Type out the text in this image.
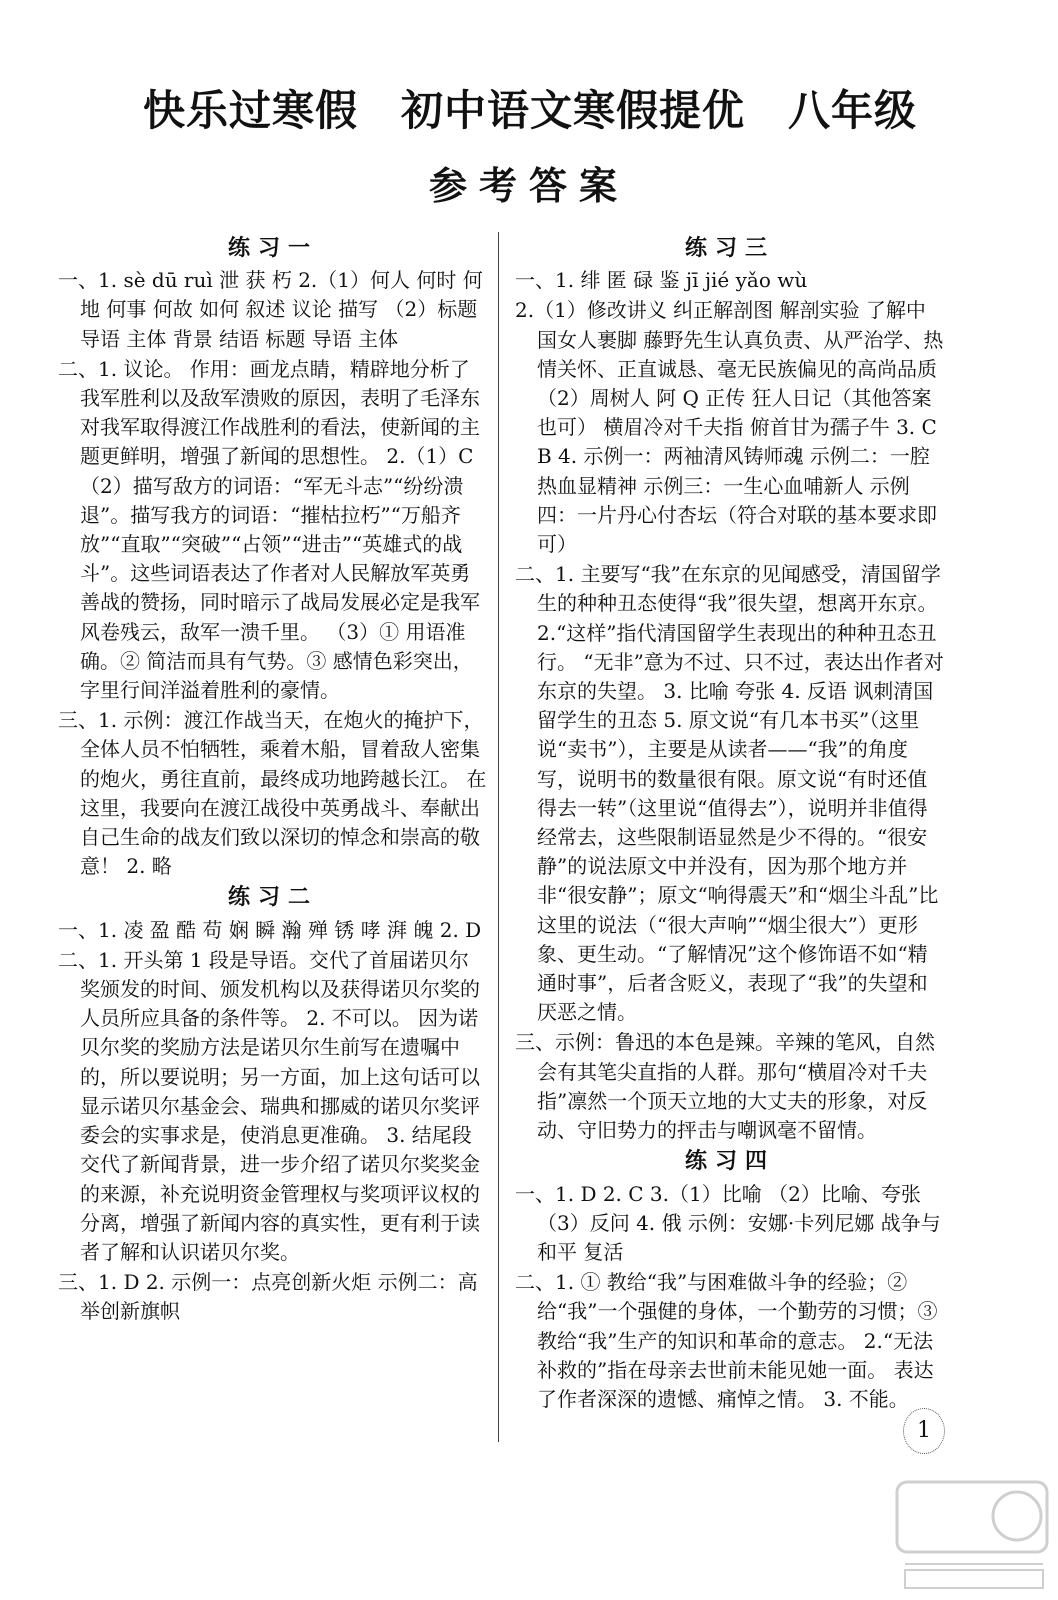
快乐过寒假　初中语文寒假提优　八年级
参考答案
练习一

一、1. sè dū ruì 泄 获 朽 2.（1）何人 何时 何地 何事 何故 如何 叙述 议论 描写 （2）标题 导语 主体 背景 结语 标题 导语 主体

二、1. 议论。 作用：画龙点睛，精辟地分析了我军胜利以及敌军溃败的原因，表明了毛泽东对我军取得渡江作战胜利的看法，使新闻的主题更鲜明，增强了新闻的思想性。 2.（1）C （2）描写敌方的词语：“军无斗志”“纷纷溃退”。描写我方的词语：“摧枯拉朽”“万船齐放”“直取”“突破”“占领”“进击”“英雄式的战斗”。这些词语表达了作者对人民解放军英勇善战的赞扬，同时暗示了战局发展必定是我军风卷残云，敌军一溃千里。 （3）① 用语准确。② 简洁而具有气势。③ 感情色彩突出，字里行间洋溢着胜利的豪情。

三、1. 示例：渡江作战当天，在炮火的掩护下，全体人员不怕牺牲，乘着木船，冒着敌人密集的炮火，勇往直前，最终成功地跨越长江。 在这里，我要向在渡江战役中英勇战斗、奉献出自己生命的战友们致以深切的悼念和崇高的敬意！ 2. 略

练习二

一、1. 凌 盈 酷 苟 娴 瞬 瀚 殚 锈 哮 湃 魄 2. D

二、1. 开头第 1 段是导语。交代了首届诺贝尔奖颁发的时间、颁发机构以及获得诺贝尔奖的人员所应具备的条件等。 2. 不可以。 因为诺贝尔奖的奖励方法是诺贝尔生前写在遗嘱中的，所以要说明；另一方面，加上这句话可以显示诺贝尔基金会、瑞典和挪威的诺贝尔奖评委会的实事求是，使消息更准确。 3. 结尾段交代了新闻背景，进一步介绍了诺贝尔奖奖金的来源，补充说明资金管理权与奖项评议权的分离，增强了新闻内容的真实性，更有利于读者了解和认识诺贝尔奖。

三、1. D 2. 示例一：点亮创新火炬 示例二：高举创新旗帜

练习三

一、1. 绯 匿 碌 鉴 jī jié yǎo wù

2.（1）修改讲义 纠正解剖图 解剖实验 了解中国女人裹脚 藤野先生认真负责、从严治学、热情关怀、正直诚恳、毫无民族偏见的高尚品质 （2）周树人 阿 Q 正传 狂人日记（其他答案也可） 横眉冷对千夫指 俯首甘为孺子牛 3. C B 4. 示例一：两袖清风铸师魂 示例二：一腔热血显精神 示例三：一生心血哺新人 示例四：一片丹心付杏坛（符合对联的基本要求即可）

二、1. 主要写“我”在东京的见闻感受，清国留学生的种种丑态使得“我”很失望，想离开东京。 2.“这样”指代清国留学生表现出的种种丑态丑行。 “无非”意为不过、只不过，表达出作者对东京的失望。 3. 比喻 夸张 4. 反语 讽刺清国留学生的丑态 5. 原文说“有几本书买”（这里说“卖书”），主要是从读者——“我”的角度写，说明书的数量很有限。原文说“有时还值得去一转”（这里说“值得去”），说明并非值得经常去，这些限制语显然是少不得的。“很安静”的说法原文中并没有，因为那个地方并非“很安静”；原文“响得震天”和“烟尘斗乱”比这里的说法（“很大声响”“烟尘很大”）更形象、更生动。“了解情况”这个修饰语不如“精通时事”，后者含贬义，表现了“我”的失望和厌恶之情。

三、示例：鲁迅的本色是辣。辛辣的笔风，自然会有其笔尖直指的人群。那句“横眉冷对千夫指”凛然一个顶天立地的大丈夫的形象，对反动、守旧势力的抨击与嘲讽毫不留情。

练习四

一、1. D 2. C 3.（1）比喻 （2）比喻、夸张 （3）反问 4. 俄 示例：安娜·卡列尼娜 战争与和平 复活

二、1. ① 教给“我”与困难做斗争的经验；② 给“我”一个强健的身体，一个勤劳的习惯；③ 教给“我”生产的知识和革命的意志。 2.“无法补救的”指在母亲去世前未能见她一面。 表达了作者深深的遗憾、痛悼之情。 3. 不能。

1
